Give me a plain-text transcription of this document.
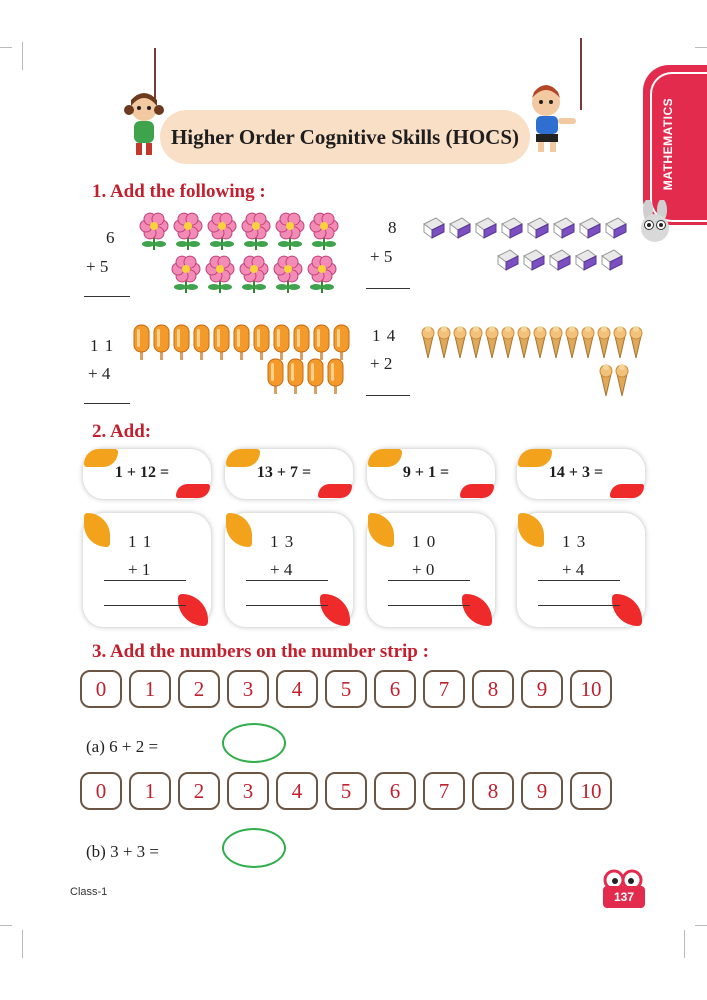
Higher Order Cognitive Skills (HOCS)	MATHEMATICS
1. Add the following :
6
+ 5
8
+ 5
1 1
+ 4
1 4
+ 2
2. Add:
1 + 12 =	13 + 7 =	9 + 1 =	14 + 3 =
1 1
+ 1
1 3
+ 4
1 0
+ 0
1 3
+ 4
3. Add the numbers on the number strip :
0	1	2	3	4	5	6	7	8	9	10
(a) 6 + 2 =
0	1	2	3	4	5	6	7	8	9	10
(b) 3 + 3 =
Class-1	137
